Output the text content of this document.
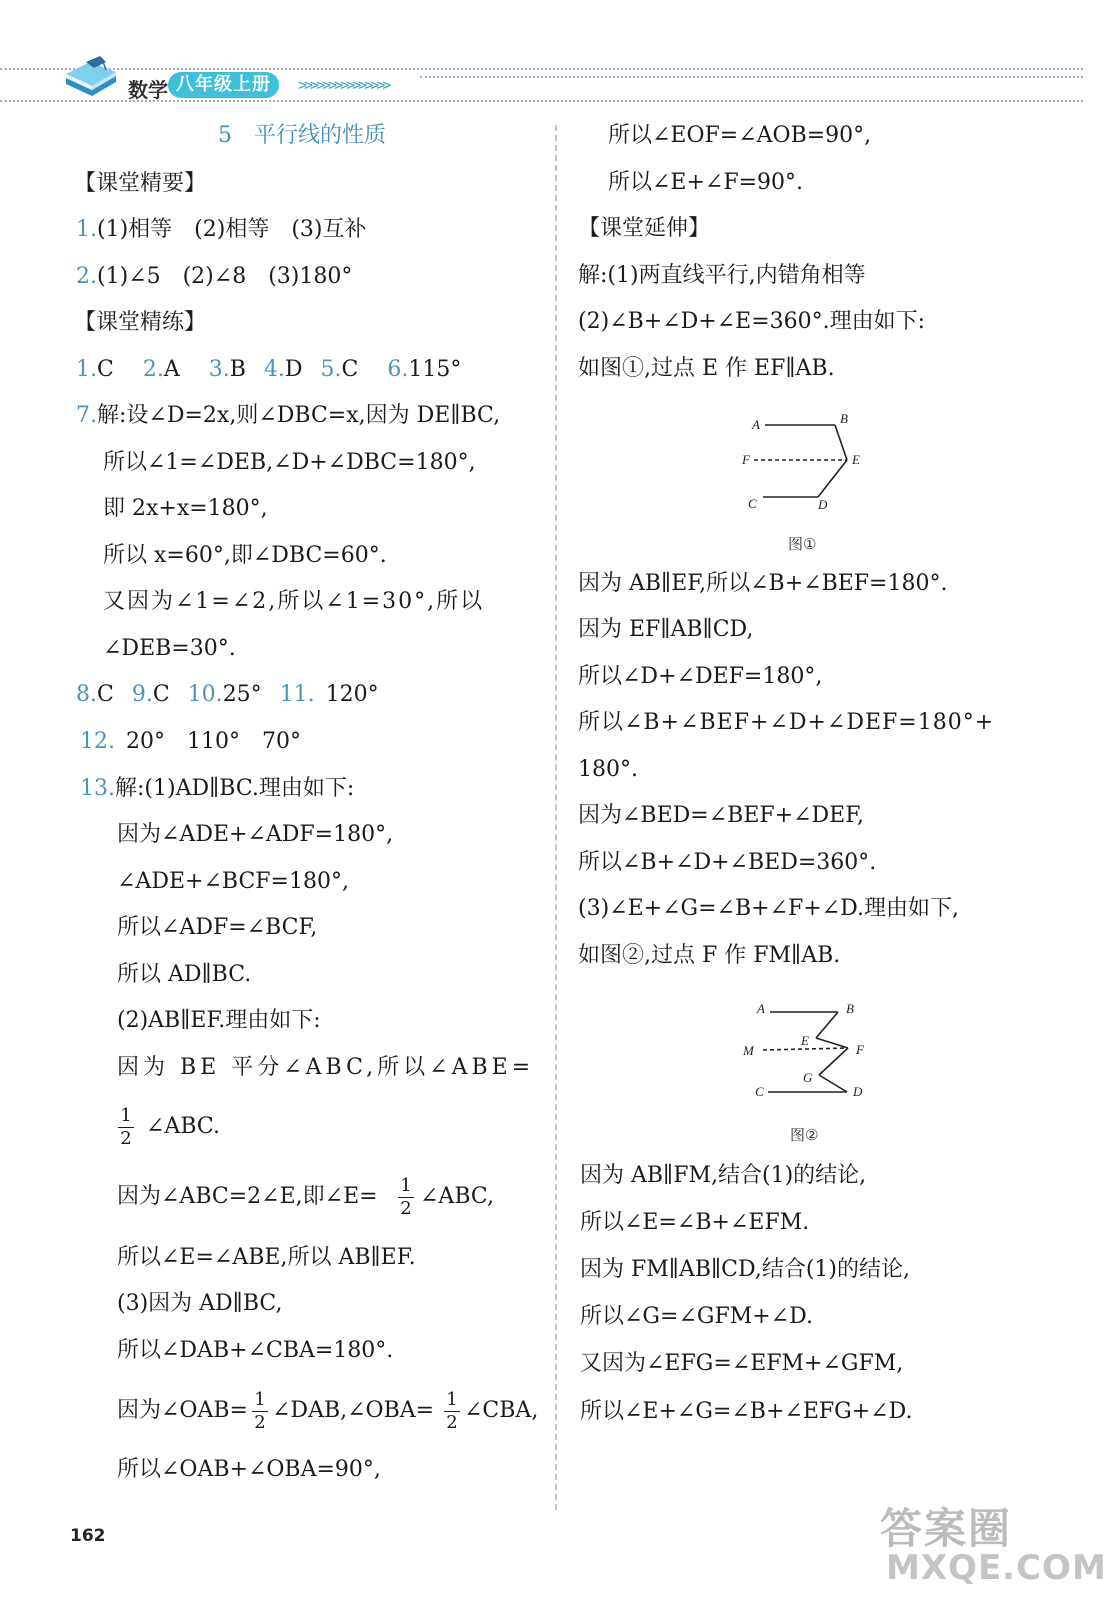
数学 八年级上册	>>>>>>>>>>>>>>>
5  平行线的性质
【课堂精要】
1.(1)相等　(2)相等　(3)互补
2.(1)∠5　(2)∠8　(3)180°
【课堂精练】
1.C  2.A  3.B  4.D  5.C  6.115°
7.解:设∠D=2x,则∠DBC=x,因为 DE∥BC,
所以∠1=∠DEB,∠D+∠DBC=180°,
即 2x+x=180°,
所以 x=60°,即∠DBC=60°.
又因为∠1=∠2,所以∠1=30°,所以
∠DEB=30°.
8.C  9.C  10.25°  11.  120°
12.  20°　110°　70°
13.解:(1)AD∥BC.理由如下:
因为∠ADE+∠ADF=180°,
∠ADE+∠BCF=180°,
所以∠ADF=∠BCF,
所以 AD∥BC.
(2)AB∥EF.理由如下:
因为 BE 平分∠ABC,所以∠ABE=
1
2 ∠ABC.
因为∠ABC=2∠E,即∠E= 1
2 ∠ABC,
所以∠E=∠ABE,所以 AB∥EF.
(3)因为 AD∥BC,
所以∠DAB+∠CBA=180°.
因为∠OAB= 1
2 ∠DAB,∠OBA= 1
2 ∠CBA,
所以∠OAB+∠OBA=90°,
所以∠EOF=∠AOB=90°,
所以∠E+∠F=90°.
【课堂延伸】
解:(1)两直线平行,内错角相等
(2)∠B+∠D+∠E=360°.理由如下:
如图①,过点 E 作 EF∥AB.
A	B
F	E
C	D
图①
因为 AB∥EF,所以∠B+∠BEF=180°.
因为 EF∥AB∥CD,
所以∠D+∠DEF=180°,
所以∠B+∠BEF+∠D+∠DEF=180°+
180°.
因为∠BED=∠BEF+∠DEF,
所以∠B+∠D+∠BED=360°.
(3)∠E+∠G=∠B+∠F+∠D.理由如下,
如图②,过点 F 作 FM∥AB.
A	B
M
E
F
G
C	D
图②
因为 AB∥FM,结合(1)的结论,
所以∠E=∠B+∠EFM.
因为 FM∥AB∥CD,结合(1)的结论,
所以∠G=∠GFM+∠D.
又因为∠EFG=∠EFM+∠GFM,
所以∠E+∠G=∠B+∠EFG+∠D.
162	答案圈
MXQE.COM
